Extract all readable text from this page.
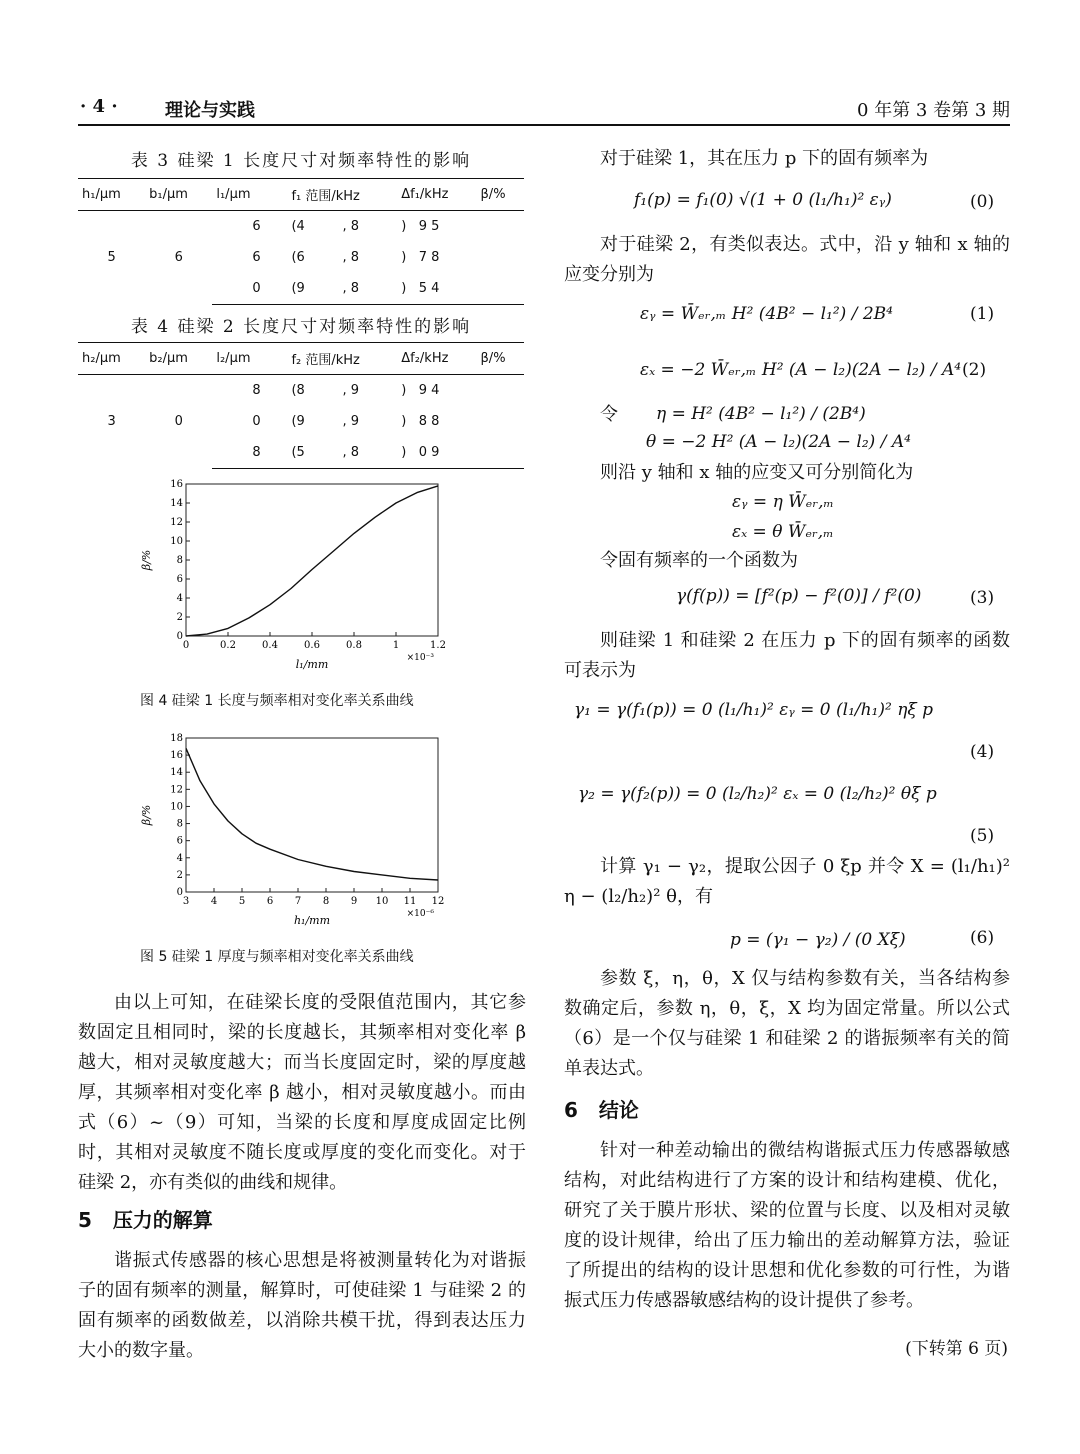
· 4 ·	理论与实践	0 年第 3 卷第 3 期
表 3 硅梁 1 长度尺寸对频率特性的影响
h₁/μm	b₁/μm	l₁/μm	f₁ 范围/kHz		Δf₁/kHz	β/%
5	6	6	(4	, 8	) 9 5	
		6	(6	, 8	) 7 8	
		0	(9	, 8	) 5 4	
表 4 硅梁 2 长度尺寸对频率特性的影响
h₂/μm	b₂/μm	l₂/μm	f₂ 范围/kHz		Δf₂/kHz	β/%
3	0	8	(8	, 9	) 9 4	
		0	(9	, 9	) 8 8	
		8	(5	, 8	) 0 9	
0	0.2	0.4	0.6	0.8	1	1.2
0
2
4
6
8
10
12
14
16
×10⁻³
l₁/mm
β/%
图 4 硅梁 1 长度与频率相对变化率关系曲线
3 4 5 6 7 8 9 10 11 12
0
2
4
6
8
10
12
14
16
18
×10⁻⁶
h₁/mm
β/%
图 5 硅梁 1 厚度与频率相对变化率关系曲线
由以上可知，在硅梁长度的受限值范围内，其它参数固定且相同时，梁的长度越长，其频率相对变化率 β 越大，相对灵敏度越大；而当长度固定时，梁的厚度越厚，其频率相对变化率 β 越小，相对灵敏度越小。而由式（6）~（9）可知，当梁的长度和厚度成固定比例时，其相对灵敏度不随长度或厚度的变化而变化。对于硅梁 2，亦有类似的曲线和规律。
5 压力的解算
谐振式传感器的核心思想是将被测量转化为对谐振子的固有频率的测量，解算时，可使硅梁 1 与硅梁 2 的固有频率的函数做差，以消除共模干扰，得到表达压力大小的数字量。
对于硅梁 1，其在压力 p 下的固有频率为
f₁(p) = f₁(0) √(1 + 0 (l₁/h₁)² εᵧ)	(0)
对于硅梁 2，有类似表达。式中，沿 y 轴和 x 轴的应变分别为
εᵧ = W̄ₑᵣ,ₘ H² (4B² − l₁²) / 2B⁴	(1)
εₓ = −2 W̄ₑᵣ,ₘ H² (A − l₂)(2A − l₂) / A⁴ (2)
令 η = H² (4B² − l₁²) / (2B⁴)
θ = −2 H² (A − l₂)(2A − l₂) / A⁴
则沿 y 轴和 x 轴的应变又可分别简化为
εᵧ = η W̄ₑᵣ,ₘ
εₓ = θ W̄ₑᵣ,ₘ
令固有频率的一个函数为
γ(f(p)) = [f²(p) − f²(0)] / f²(0)	(3)
则硅梁 1 和硅梁 2 在压力 p 下的固有频率的函数可表示为
γ₁ = γ(f₁(p)) = 0 (l₁/h₁)² εᵧ = 0 (l₁/h₁)² ηξ p
(4)
γ₂ = γ(f₂(p)) = 0 (l₂/h₂)² εₓ = 0 (l₂/h₂)² θξ p
(5)
计算 γ₁ − γ₂，提取公因子 0 ξp 并令 X = (l₁/h₁)² η − (l₂/h₂)² θ，有
p = (γ₁ − γ₂) / (0 Xξ)	(6)
参数 ξ，η，θ，X 仅与结构参数有关，当各结构参数确定后，参数 η，θ，ξ，X 均为固定常量。所以公式（6）是一个仅与硅梁 1 和硅梁 2 的谐振频率有关的简单表达式。
6 结论
针对一种差动输出的微结构谐振式压力传感器敏感结构，对此结构进行了方案的设计和结构建模、优化，研究了关于膜片形状、梁的位置与长度、以及相对灵敏度的设计规律，给出了压力输出的差动解算方法，验证了所提出的结构的设计思想和优化参数的可行性，为谐振式压力传感器敏感结构的设计提供了参考。
(下转第 6 页)
